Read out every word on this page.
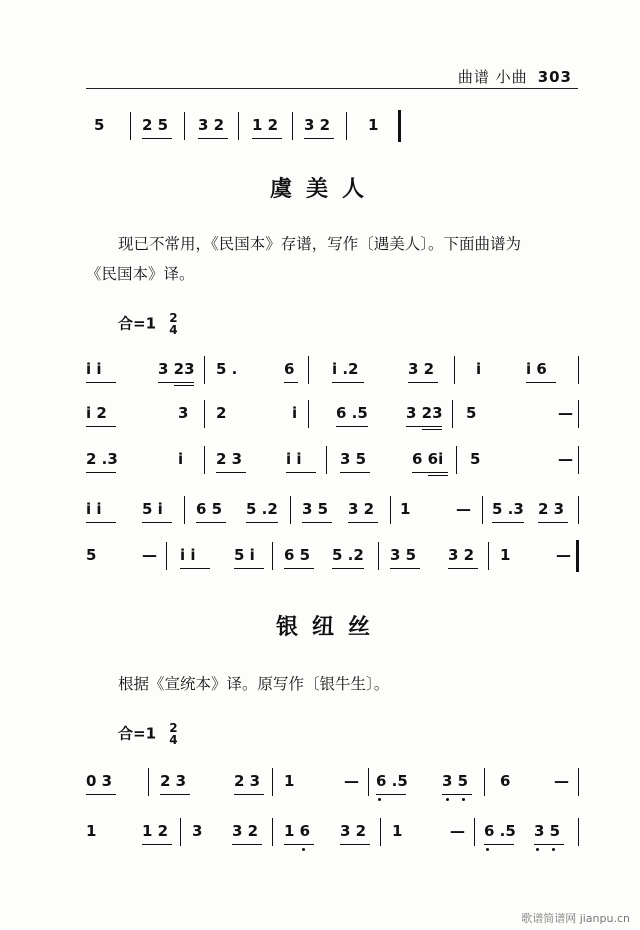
曲谱 小曲 303
5	2 5 3 2 1 2 3 2	1
虞美人
现已不常用，《民国本》存谱，写作〔遇美人〕。下面曲谱为
《民国本》译。
合=1 2
4
i i	3 23 5 .	6	i .2	3 2	i	i 6
i 2	3 2	i	6 .5	3 23 5	—
2 .3	i 2 3	i i	3 5	6 6i 5	—
i i	5 i 6 5 5 .2 3 5 3 2 1	— 5 .3 2 3
5	— i i	5 i 6 5 5 .2 3 5 3 2 1	—
银纽丝
根据《宣统本》译。原写作〔银牛生〕。
合=1 2
4
0 3	2 3	2 3 1	— 6 .5 3 5 6	—
1	1 2 3 3 2 1 6 3 2 1	— 6 .5 3 5
歌谱简谱网 jianpu.cn
